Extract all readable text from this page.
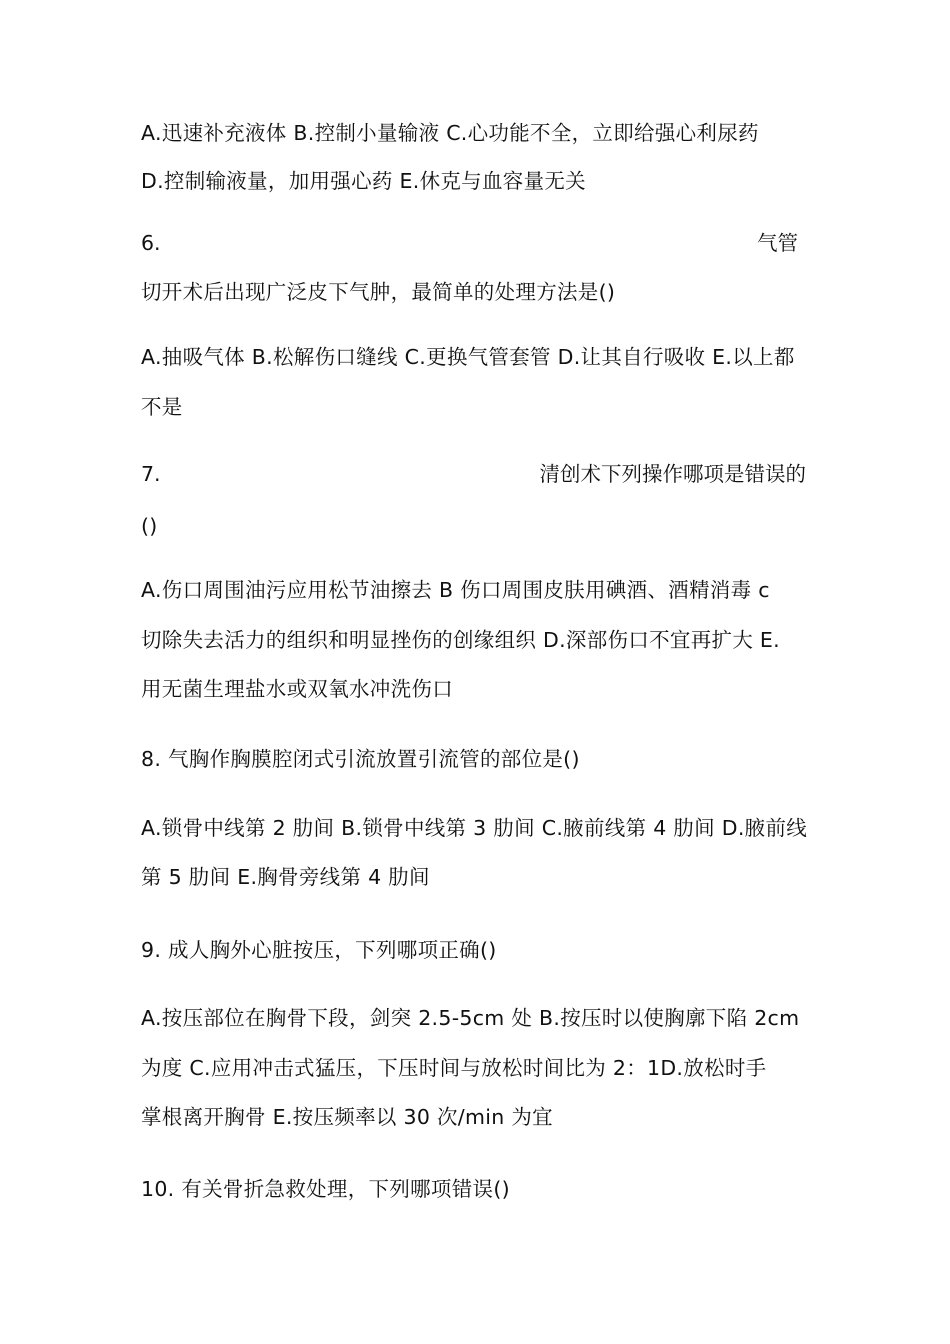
A.迅速补充液体 B.控制小量输液 C.心功能不全，立即给强心利尿药
D.控制输液量，加用强心药 E.休克与血容量无关
6.	气管
切开术后出现广泛皮下气肿，最简单的处理方法是()
A.抽吸气体 B.松解伤口缝线 C.更换气管套管 D.让其自行吸收 E.以上都
不是
7.	清创术下列操作哪项是错误的
()
A.伤口周围油污应用松节油擦去 B 伤口周围皮肤用碘酒、酒精消毒 c
切除失去活力的组织和明显挫伤的创缘组织 D.深部伤口不宜再扩大 E.
用无菌生理盐水或双氧水冲洗伤口
8. 气胸作胸膜腔闭式引流放置引流管的部位是()
A.锁骨中线第 2 肋间 B.锁骨中线第 3 肋间 C.腋前线第 4 肋间 D.腋前线
第 5 肋间 E.胸骨旁线第 4 肋间
9. 成人胸外心脏按压，下列哪项正确()
A.按压部位在胸骨下段，剑突 2.5-5cm 处 B.按压时以使胸廓下陷 2cm
为度 C.应用冲击式猛压，下压时间与放松时间比为 2：1D.放松时手
掌根离开胸骨 E.按压频率以 30 次/min 为宜
10. 有关骨折急救处理，下列哪项错误()
